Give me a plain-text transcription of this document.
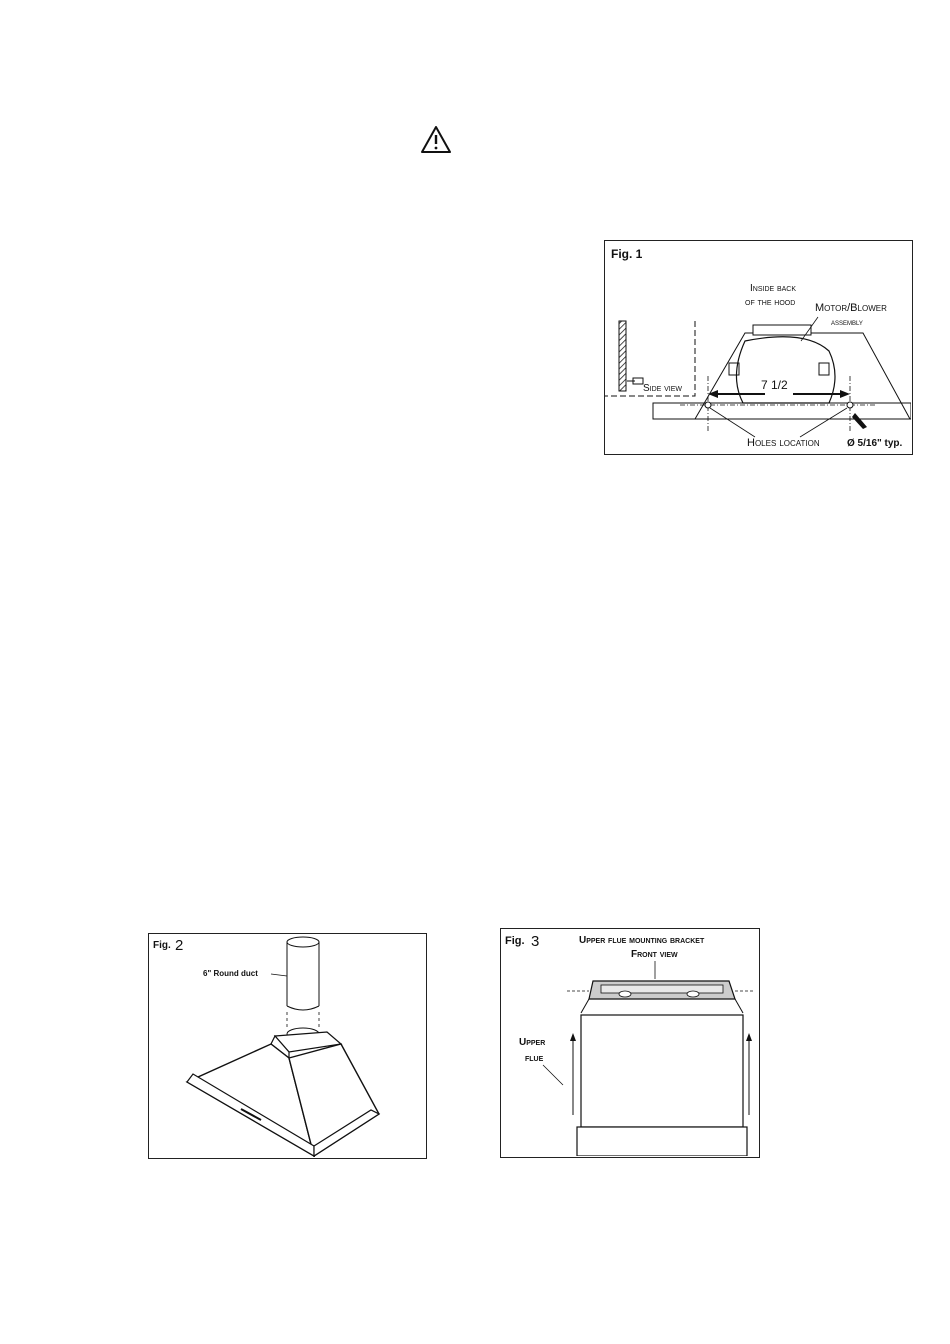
Fig. 1
Side view
Inside back
of the hood Motor/Blower
assembly
7 1/2
Holes location	Ø 5/16" typ.
Fig. 2
6" Round duct
Fig. 3	Upper flue mounting bracket
Front view
Upper
flue
